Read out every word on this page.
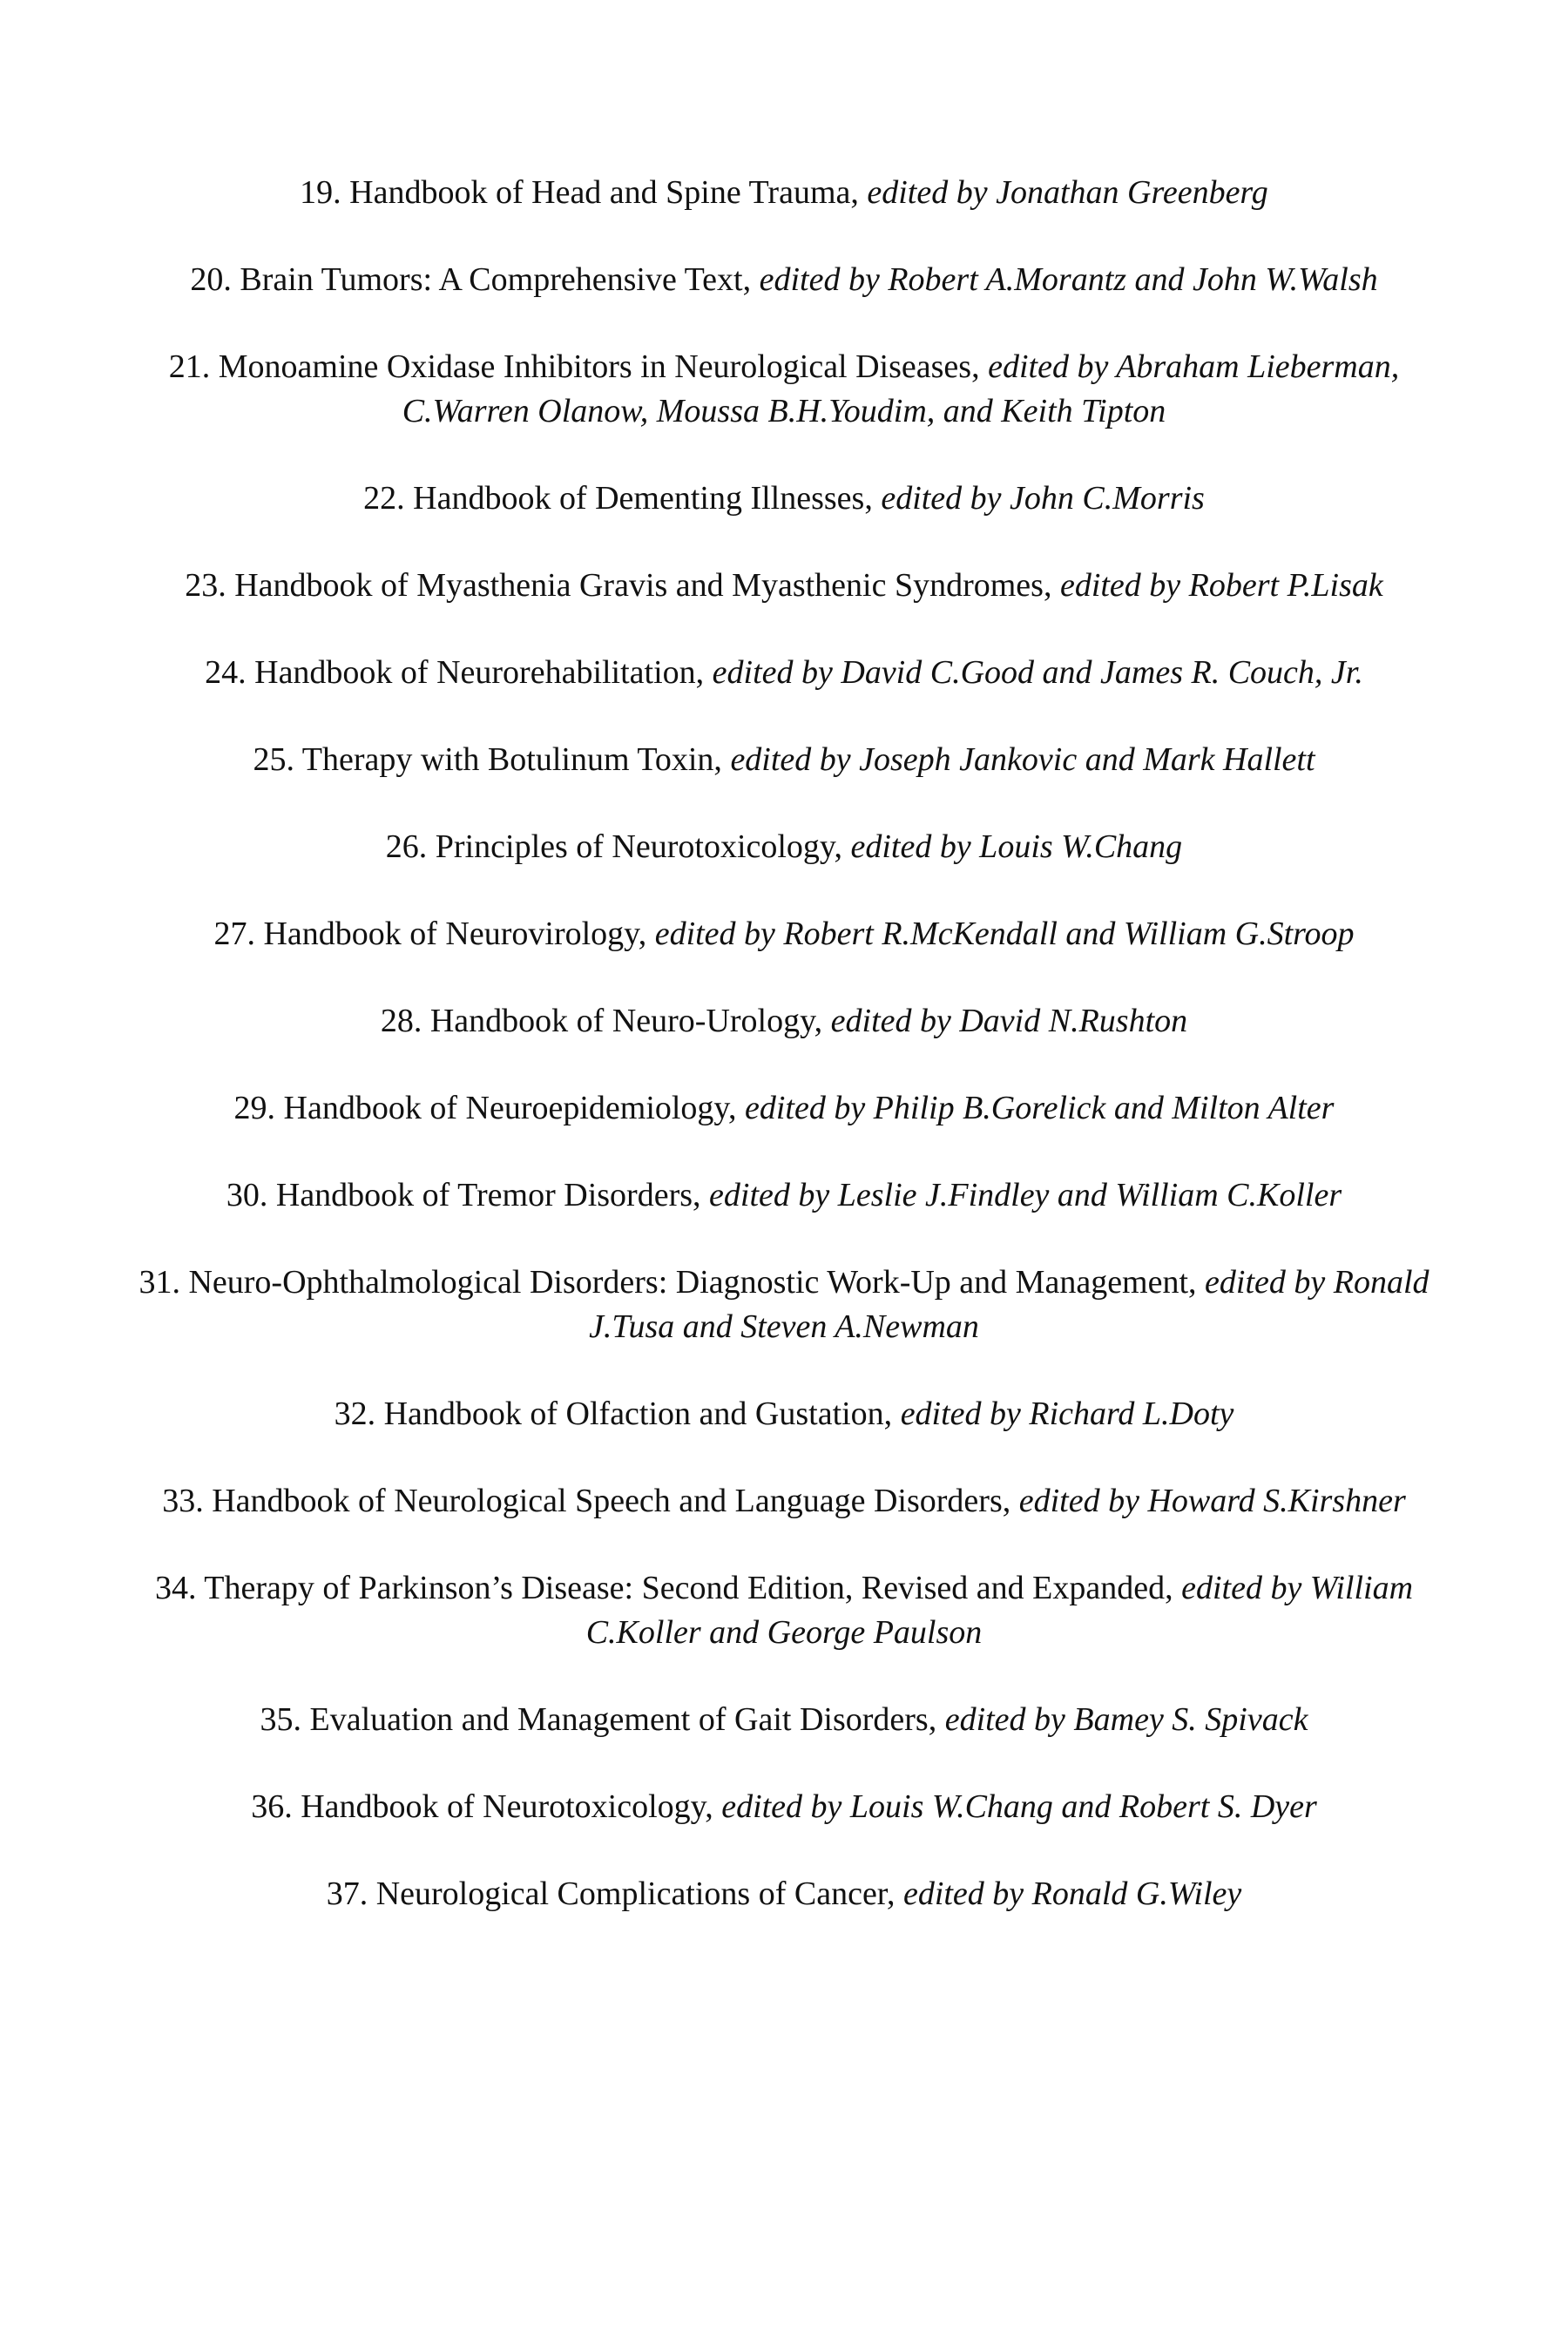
19. Handbook of Head and Spine Trauma, edited by Jonathan Greenberg
20. Brain Tumors: A Comprehensive Text, edited by Robert A.Morantz and John W.Walsh
21. Monoamine Oxidase Inhibitors in Neurological Diseases, edited by Abraham Lieberman, C.Warren Olanow, Moussa B.H.Youdim, and Keith Tipton
22. Handbook of Dementing Illnesses, edited by John C.Morris
23. Handbook of Myasthenia Gravis and Myasthenic Syndromes, edited by Robert P.Lisak
24. Handbook of Neurorehabilitation, edited by David C.Good and James R. Couch, Jr.
25. Therapy with Botulinum Toxin, edited by Joseph Jankovic and Mark Hallett
26. Principles of Neurotoxicology, edited by Louis W.Chang
27. Handbook of Neurovirology, edited by Robert R.McKendall and William G.Stroop
28. Handbook of Neuro-Urology, edited by David N.Rushton
29. Handbook of Neuroepidemiology, edited by Philip B.Gorelick and Milton Alter
30. Handbook of Tremor Disorders, edited by Leslie J.Findley and William C.Koller
31. Neuro-Ophthalmological Disorders: Diagnostic Work-Up and Management, edited by Ronald J.Tusa and Steven A.Newman
32. Handbook of Olfaction and Gustation, edited by Richard L.Doty
33. Handbook of Neurological Speech and Language Disorders, edited by Howard S.Kirshner
34. Therapy of Parkinson’s Disease: Second Edition, Revised and Expanded, edited by William C.Koller and George Paulson
35. Evaluation and Management of Gait Disorders, edited by Bamey S. Spivack
36. Handbook of Neurotoxicology, edited by Louis W.Chang and Robert S. Dyer
37. Neurological Complications of Cancer, edited by Ronald G.Wiley
